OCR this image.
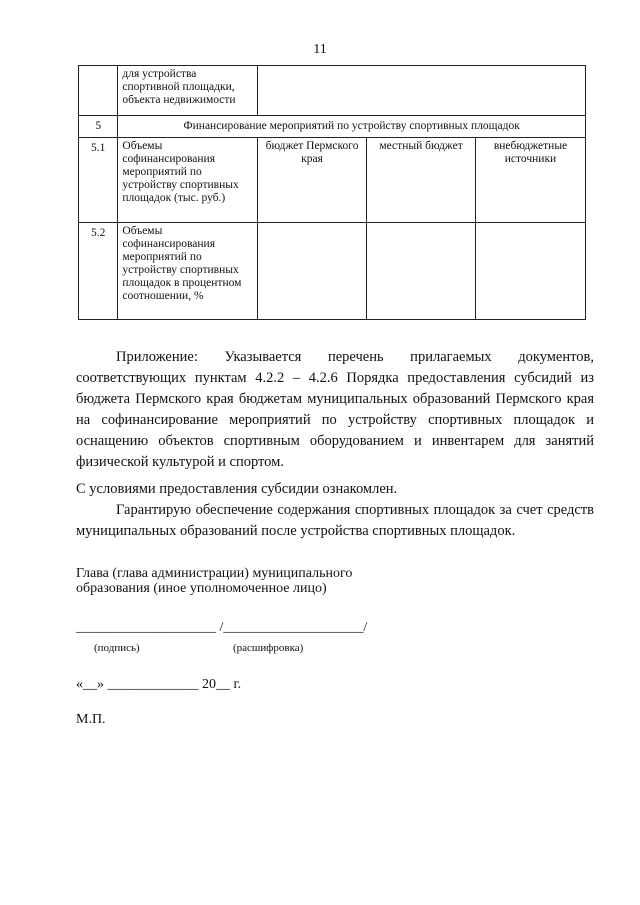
11
	для устройства спортивной площадки, объекта недвижимости			
5	Финансирование мероприятий по устройству спортивных площадок			
5.1	Объемы софинансирования мероприятий по устройству спортивных площадок (тыс. руб.)	бюджет Пермского края	местный бюджет	внебюджетные источники
5.2	Объемы софинансирования мероприятий по устройству спортивных площадок в процентном соотношении, %			
Приложение: Указывается перечень прилагаемых документов, соответствующих пунктам 4.2.2 – 4.2.6 Порядка предоставления субсидий из бюджета Пермского края бюджетам муниципальных образований Пермского края на софинансирование мероприятий по устройству спортивных площадок и оснащению объектов спортивным оборудованием и инвентарем для занятий физической культурой и спортом.
С условиями предоставления субсидии ознакомлен.
Гарантирую обеспечение содержания спортивных площадок за счет средств муниципальных образований после устройства спортивных площадок.
Глава (глава администрации) муниципального образования (иное уполномоченное лицо)
____________________ /____________________/
(подпись)	(расшифровка)
«__» _____________ 20__ г.
М.П.
